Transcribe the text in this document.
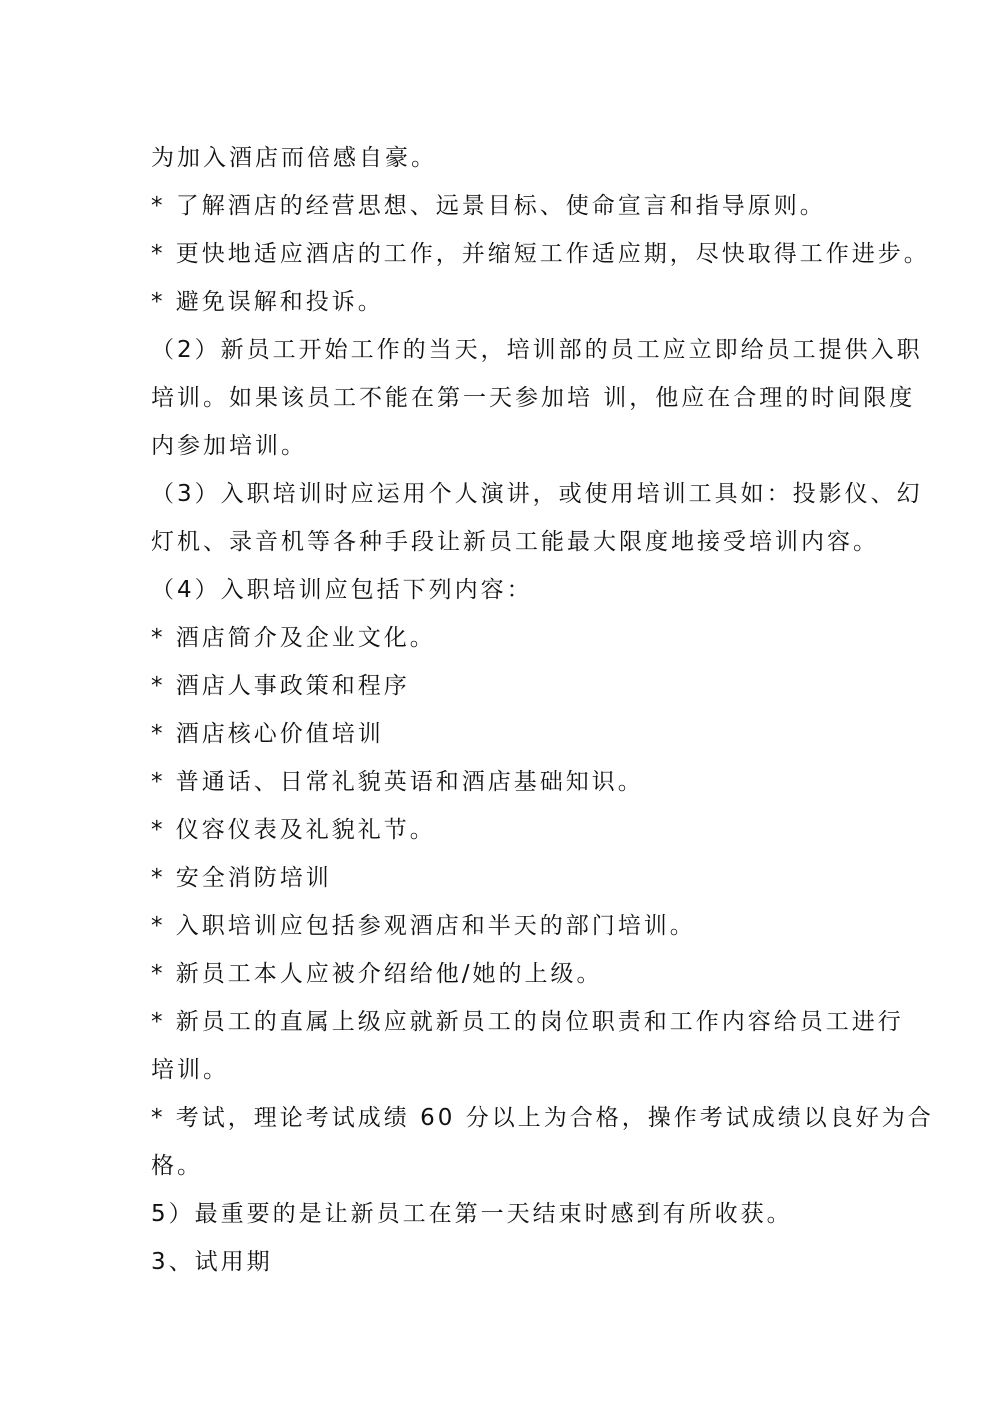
为加入酒店而倍感自豪。
* 了解酒店的经营思想、远景目标、使命宣言和指导原则。
* 更快地适应酒店的工作，并缩短工作适应期，尽快取得工作进步。
* 避免误解和投诉。
（2）新员工开始工作的当天，培训部的员工应立即给员工提供入职
培训。如果该员工不能在第一天参加培 训，他应在合理的时间限度
内参加培训。
（3）入职培训时应运用个人演讲，或使用培训工具如：投影仪、幻
灯机、录音机等各种手段让新员工能最大限度地接受培训内容。
（4）入职培训应包括下列内容：
* 酒店简介及企业文化。
* 酒店人事政策和程序
* 酒店核心价值培训
* 普通话、日常礼貌英语和酒店基础知识。
* 仪容仪表及礼貌礼节。
* 安全消防培训
* 入职培训应包括参观酒店和半天的部门培训。
* 新员工本人应被介绍给他/她的上级。
* 新员工的直属上级应就新员工的岗位职责和工作内容给员工进行
培训。
* 考试，理论考试成绩 60 分以上为合格，操作考试成绩以良好为合
格。
5）最重要的是让新员工在第一天结束时感到有所收获。
3、试用期
